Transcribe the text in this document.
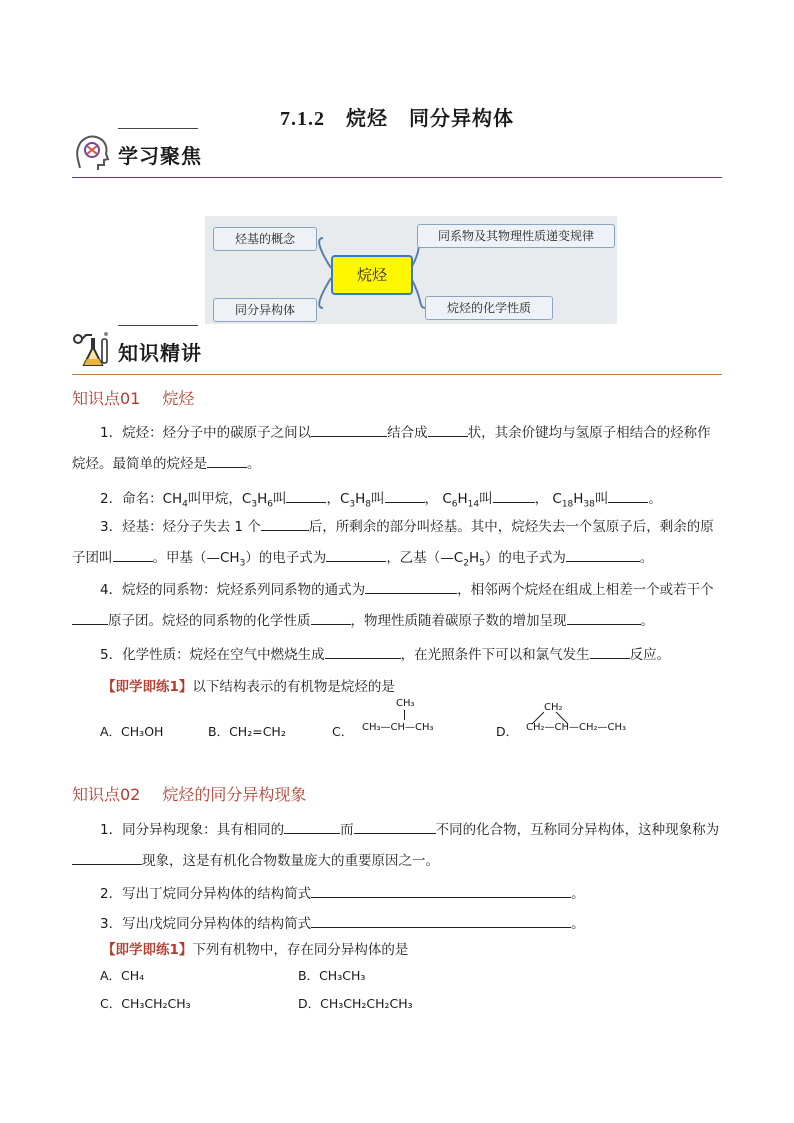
7.1.2　烷烃　同分异构体
学习聚焦
烃基的概念
同分异构体
同系物及其物理性质递变规律
烷烃的化学性质
烷烃
知识精讲
知识点01 烷烃
1．烷烃：烃分子中的碳原子之间以	结合成	状，其余价键均与氢原子相结合的烃称作烷烃。最简单的烷烃是	。
2．命名：$CH_4$叫甲烷，$C_3H_6$叫	，$C_3H_8$叫	， $C_6H_{14}$叫	， $C_{18}H_{38}$叫	。
3．烃基：烃分子失去 1 个	后，所剩余的部分叫烃基。其中，烷烃失去一个氢原子后，剩余的原子团叫	。甲基$(—CH_3)$的电子式为	，乙基$(—C_2H_5)$的电子式为	。
4．烷烃的同系物：烷烃系列同系物的通式为	，相邻两个烷烃在组成上相差一个或若干个原子团。烷烃的同系物的化学性质	，物理性质随着碳原子数的增加呈现	。
5．化学性质：烷烃在空气中燃烧生成	，在光照条件下可以和氯气发生	反应。
【即学即练1】以下结构表示的有机物是烷烃的是
A．CH₃OH	B．CH₂=CH₂	C．
CH₃
CH₃—CH—CH₃	D．
CH₂
CH₂—CH—CH₂—CH₃
知识点02 烷烃的同分异构现象
1．同分异构现象：具有相同的	而	不同的化合物，互称同分异构体，这种现象称为现象，这是有机化合物数量庞大的重要原因之一。
2．写出丁烷同分异构体的结构简式	。
3．写出戊烷同分异构体的结构简式	。
【即学即练1】下列有机物中，存在同分异构体的是
A．CH₄	B．CH₃CH₃
C．CH₃CH₂CH₃	D．CH₃CH₂CH₂CH₃
